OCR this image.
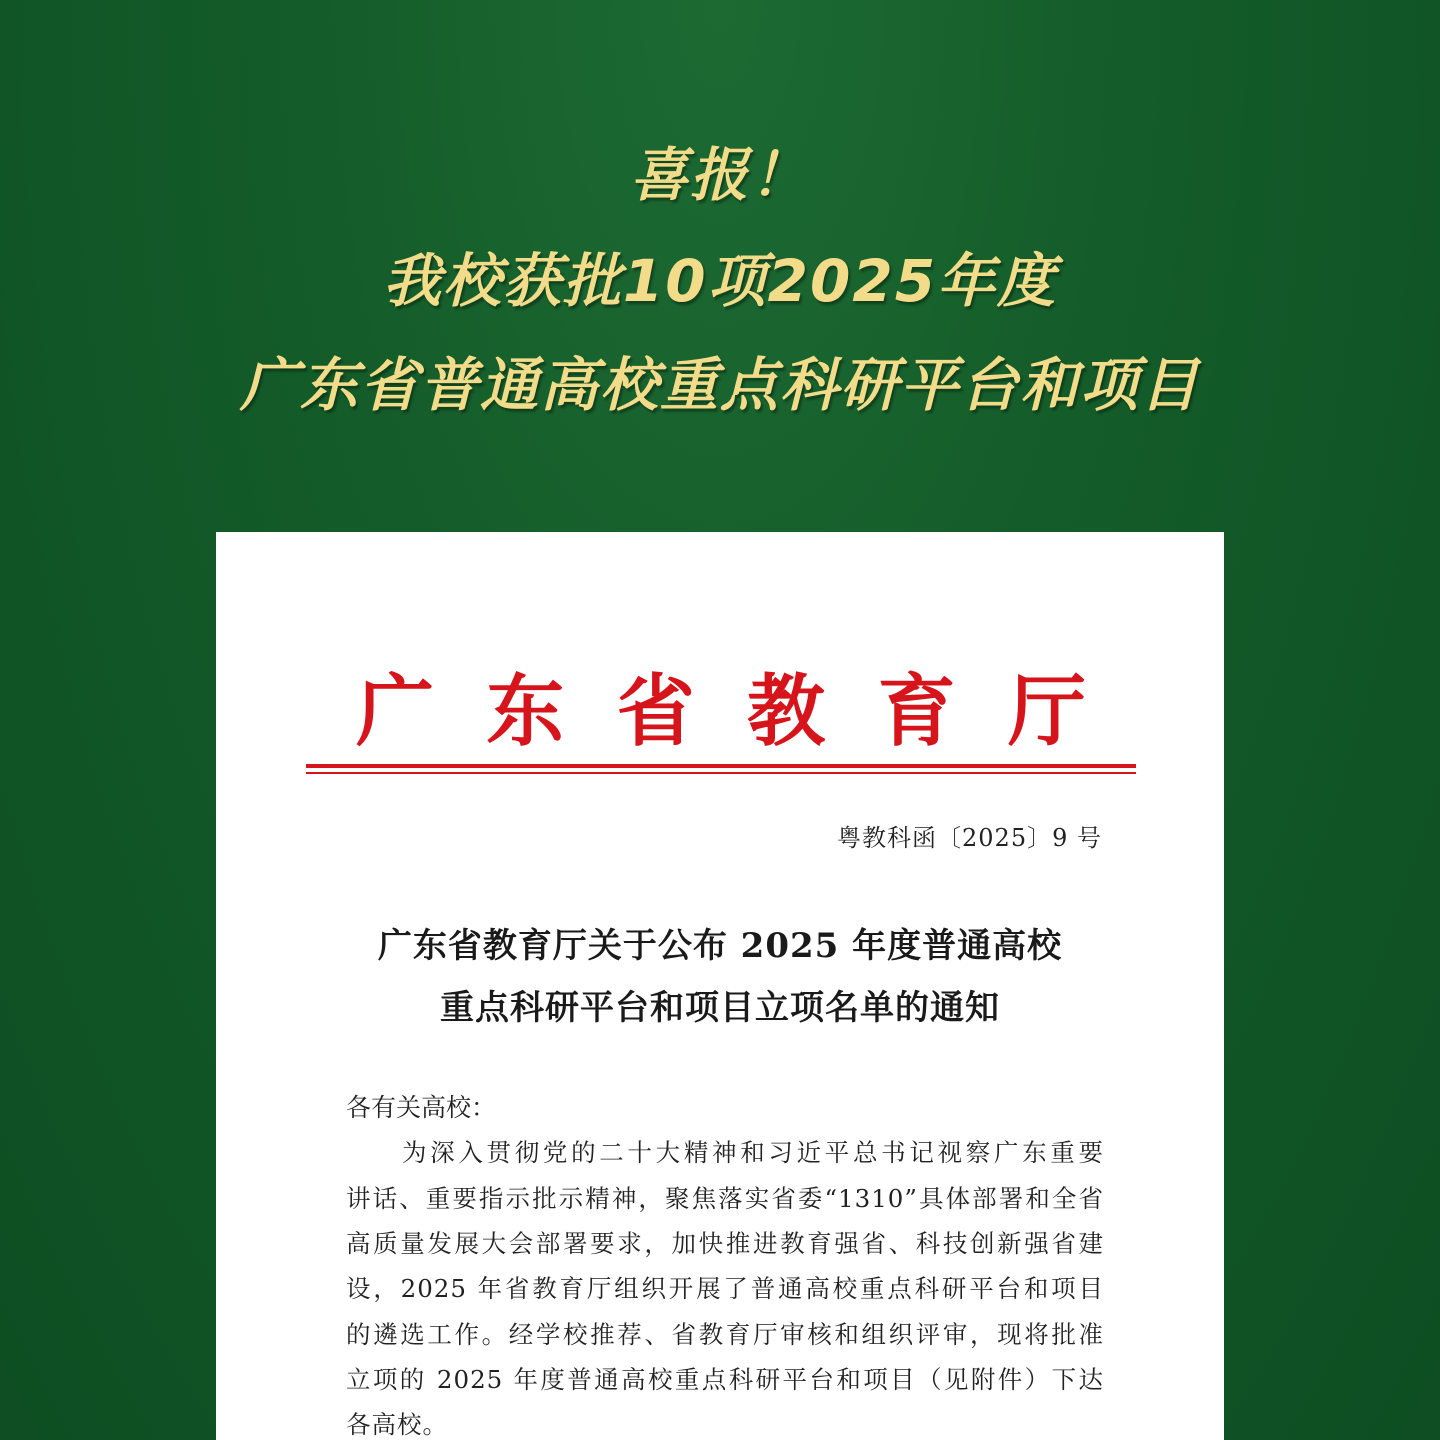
喜报！
我校获批10项2025年度
广东省普通高校重点科研平台和项目
广 东 省 教 育 厅
粤教科函〔2025〕9 号
广东省教育厅关于公布 2025 年度普通高校
重点科研平台和项目立项名单的通知
各有关高校：
为深入贯彻党的二十大精神和习近平总书记视察广东重要
讲话、重要指示批示精神，聚焦落实省委“1310”具体部署和全省
高质量发展大会部署要求，加快推进教育强省、科技创新强省建
设，2025 年省教育厅组织开展了普通高校重点科研平台和项目
的遴选工作。经学校推荐、省教育厅审核和组织评审，现将批准
立项的 2025 年度普通高校重点科研平台和项目（见附件）下达
各高校。
